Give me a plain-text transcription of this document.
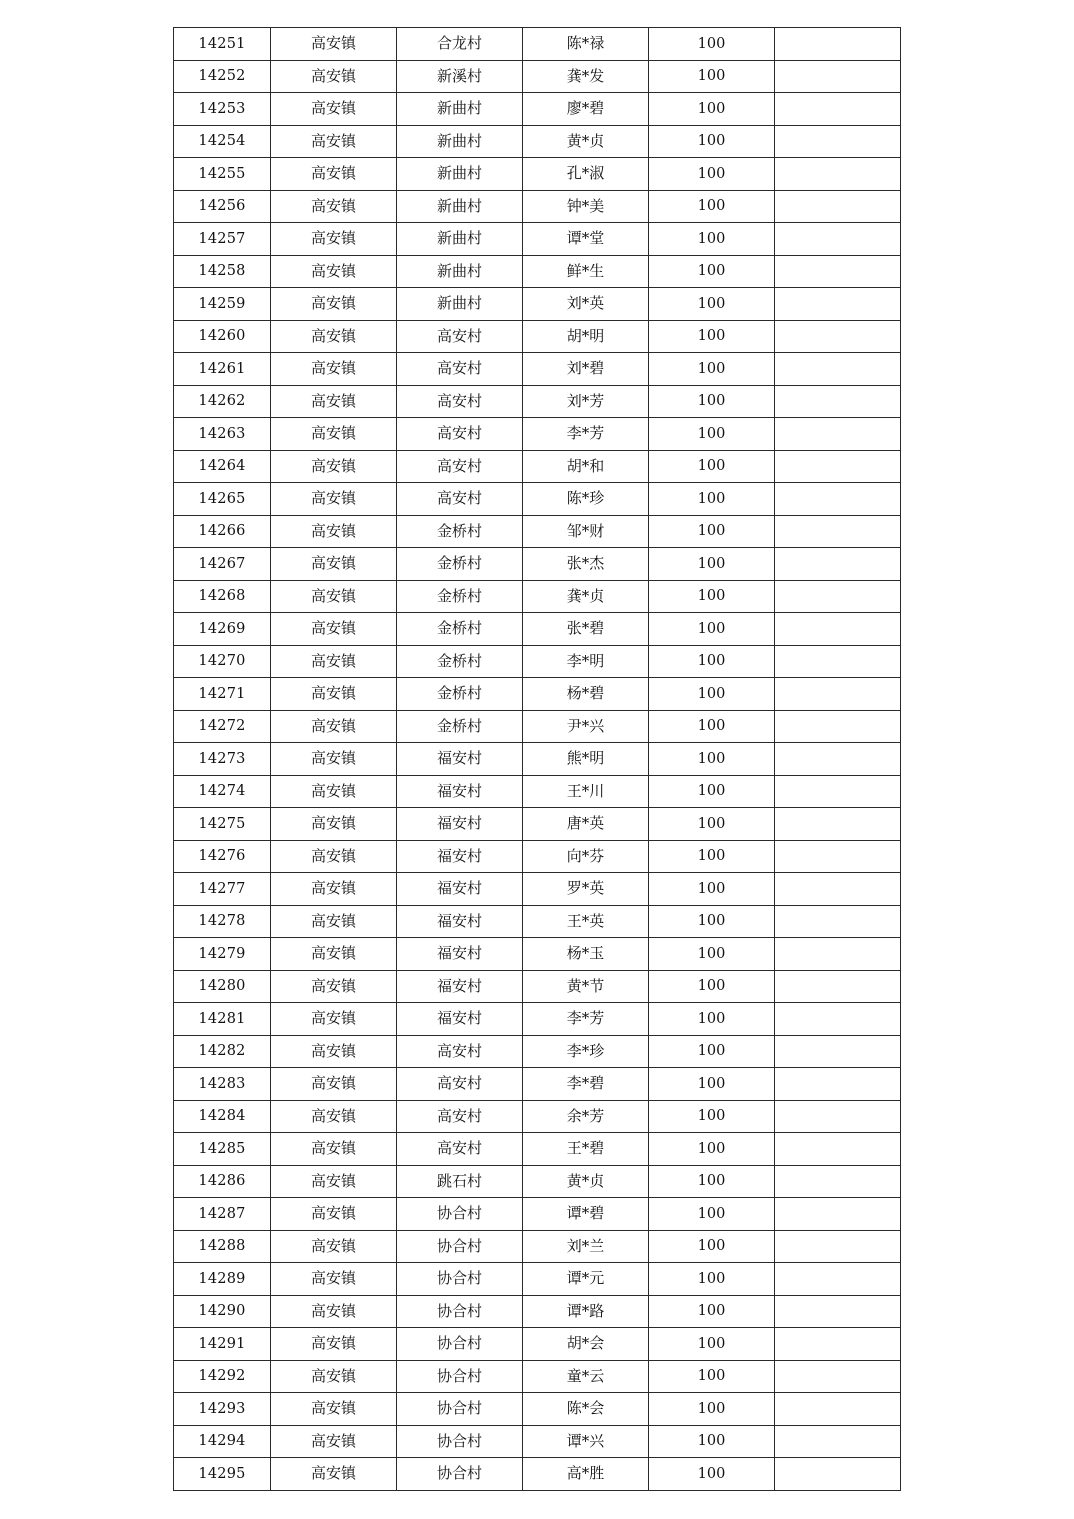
14251	高安镇	合龙村	陈*禄	100	
14252	高安镇	新溪村	龚*发	100	
14253	高安镇	新曲村	廖*碧	100	
14254	高安镇	新曲村	黄*贞	100	
14255	高安镇	新曲村	孔*淑	100	
14256	高安镇	新曲村	钟*美	100	
14257	高安镇	新曲村	谭*堂	100	
14258	高安镇	新曲村	鲜*生	100	
14259	高安镇	新曲村	刘*英	100	
14260	高安镇	高安村	胡*明	100	
14261	高安镇	高安村	刘*碧	100	
14262	高安镇	高安村	刘*芳	100	
14263	高安镇	高安村	李*芳	100	
14264	高安镇	高安村	胡*和	100	
14265	高安镇	高安村	陈*珍	100	
14266	高安镇	金桥村	邹*财	100	
14267	高安镇	金桥村	张*杰	100	
14268	高安镇	金桥村	龚*贞	100	
14269	高安镇	金桥村	张*碧	100	
14270	高安镇	金桥村	李*明	100	
14271	高安镇	金桥村	杨*碧	100	
14272	高安镇	金桥村	尹*兴	100	
14273	高安镇	福安村	熊*明	100	
14274	高安镇	福安村	王*川	100	
14275	高安镇	福安村	唐*英	100	
14276	高安镇	福安村	向*芬	100	
14277	高安镇	福安村	罗*英	100	
14278	高安镇	福安村	王*英	100	
14279	高安镇	福安村	杨*玉	100	
14280	高安镇	福安村	黄*节	100	
14281	高安镇	福安村	李*芳	100	
14282	高安镇	高安村	李*珍	100	
14283	高安镇	高安村	李*碧	100	
14284	高安镇	高安村	余*芳	100	
14285	高安镇	高安村	王*碧	100	
14286	高安镇	跳石村	黄*贞	100	
14287	高安镇	协合村	谭*碧	100	
14288	高安镇	协合村	刘*兰	100	
14289	高安镇	协合村	谭*元	100	
14290	高安镇	协合村	谭*路	100	
14291	高安镇	协合村	胡*会	100	
14292	高安镇	协合村	童*云	100	
14293	高安镇	协合村	陈*会	100	
14294	高安镇	协合村	谭*兴	100	
14295	高安镇	协合村	高*胜	100	
